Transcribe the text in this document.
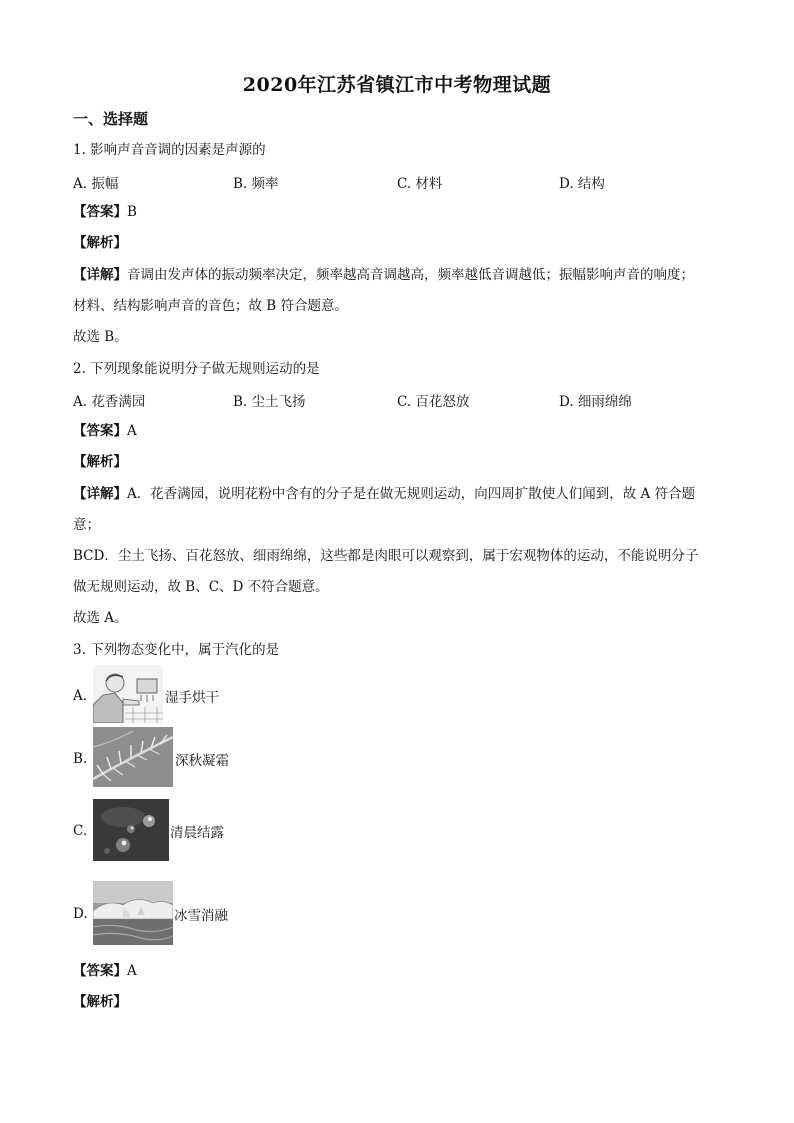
2020年江苏省镇江市中考物理试题
一、选择题
1. 影响声音音调的因素是声源的
A. 振幅	B. 频率	C. 材料	D. 结构
【答案】B
【解析】
【详解】音调由发声体的振动频率决定，频率越高音调越高，频率越低音调越低；振幅影响声音的响度；
材料、结构影响声音的音色；故 B 符合题意。
故选 B。
2. 下列现象能说明分子做无规则运动的是
A. 花香满园	B. 尘土飞扬	C. 百花怒放	D. 细雨绵绵
【答案】A
【解析】
【详解】A．花香满园，说明花粉中含有的分子是在做无规则运动，向四周扩散使人们闻到，故 A 符合题
意；
BCD．尘土飞扬、百花怒放、细雨绵绵，这些都是肉眼可以观察到，属于宏观物体的运动，不能说明分子
做无规则运动，故 B、C、D 不符合题意。
故选 A。
3. 下列物态变化中，属于汽化的是
A.	湿手烘干
B.	深秋凝霜
C.	清晨结露
D.	冰雪消融
【答案】A
【解析】
